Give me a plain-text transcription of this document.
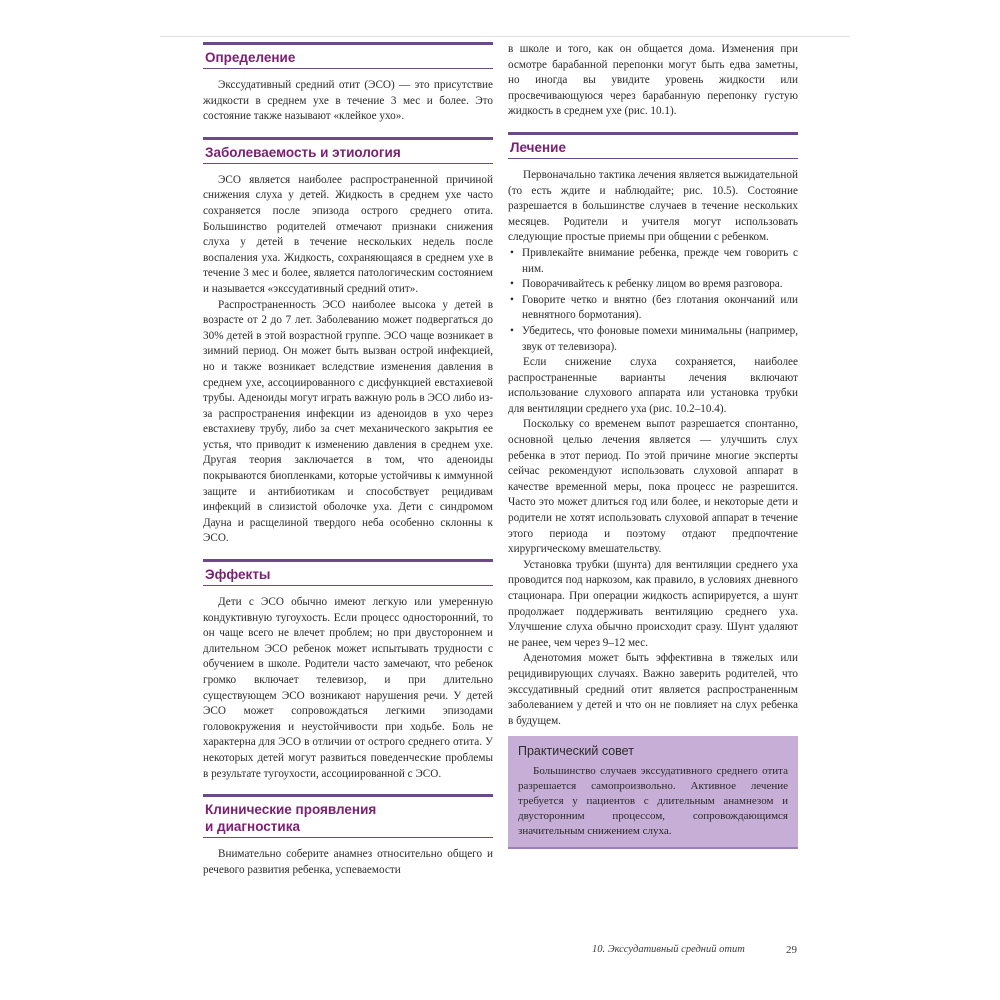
Определение

Экссудативный средний отит (ЭСО) — это присутствие жидкости в среднем ухе в течение 3 мес и более. Это состояние также называют «клейкое ухо».

Заболеваемость и этиология

ЭСО является наиболее распространенной причиной снижения слуха у детей. Жидкость в среднем ухе часто сохраняется после эпизода острого среднего отита. Большинство родителей отмечают признаки снижения слуха у детей в течение нескольких недель после воспаления уха. Жидкость, сохраняющаяся в среднем ухе в течение 3 мес и более, является патологическим состоянием и называется «экссудативный средний отит».

Распространенность ЭСО наиболее высока у детей в возрасте от 2 до 7 лет. Заболеванию может подвергаться до 30% детей в этой возрастной группе. ЭСО чаще возникает в зимний период. Он может быть вызван острой инфекцией, но и также возникает вследствие изменения давления в среднем ухе, ассоциированного с дисфункцией евстахиевой трубы. Аденоиды могут играть важную роль в ЭСО либо из-за распространения инфекции из аденоидов в ухо через евстахиеву трубу, либо за счет механического закрытия ее устья, что приводит к изменению давления в среднем ухе. Другая теория заключается в том, что аденоиды покрываются биопленками, которые устойчивы к иммунной защите и антибиотикам и способствует рецидивам инфекций в слизистой оболочке уха. Дети с синдромом Дауна и расщелиной твердого неба особенно склонны к ЭСО.

Эффекты

Дети с ЭСО обычно имеют легкую или умеренную кондуктивную тугоухость. Если процесс односторонний, то он чаще всего не влечет проблем; но при двустороннем и длительном ЭСО ребенок может испытывать трудности с обучением в школе. Родители часто замечают, что ребенок громко включает телевизор, и при длительно существующем ЭСО возникают нарушения речи. У детей ЭСО может сопровождаться легкими эпизодами головокружения и неустойчивости при ходьбе. Боль не характерна для ЭСО в отличии от острого среднего отита. У некоторых детей могут развиться поведенческие проблемы в результате тугоухости, ассоциированной с ЭСО.

Клинические проявления
и диагностика

Внимательно соберите анамнез относительно общего и речевого развития ребенка, успеваемости

в школе и того, как он общается дома. Изменения при осмотре барабанной перепонки могут быть едва заметны, но иногда вы увидите уровень жидкости или просвечивающуюся через барабанную перепонку густую жидкость в среднем ухе (рис. 10.1).

Лечение

Первоначально тактика лечения является выжидательной (то есть ждите и наблюдайте; рис. 10.5). Состояние разрешается в большинстве случаев в течение нескольких месяцев. Родители и учителя могут использовать следующие простые приемы при общении с ребенком.

• Привлекайте внимание ребенка, прежде чем говорить с ним.
• Поворачивайтесь к ребенку лицом во время разговора.
• Говорите четко и внятно (без глотания окончаний или невнятного бормотания).
• Убедитесь, что фоновые помехи минимальны (например, звук от телевизора).

Если снижение слуха сохраняется, наиболее распространенные варианты лечения включают использование слухового аппарата или установка трубки для вентиляции среднего уха (рис. 10.2–10.4).

Поскольку со временем выпот разрешается спонтанно, основной целью лечения является — улучшить слух ребенка в этот период. По этой причине многие эксперты сейчас рекомендуют использовать слуховой аппарат в качестве временной меры, пока процесс не разрешится. Часто это может длиться год или более, и некоторые дети и родители не хотят использовать слуховой аппарат в течение этого периода и поэтому отдают предпочтение хирургическому вмешательству.

Установка трубки (шунта) для вентиляции среднего уха проводится под наркозом, как правило, в условиях дневного стационара. При операции жидкость аспирируется, а шунт продолжает поддерживать вентиляцию среднего уха. Улучшение слуха обычно происходит сразу. Шунт удаляют не ранее, чем через 9–12 мес.

Аденотомия может быть эффективна в тяжелых или рецидивирующих случаях. Важно заверить родителей, что экссудативный средний отит является распространенным заболеванием у детей и что он не повлияет на слух ребенка в будущем.

Практический совет

Большинство случаев экссудативного среднего отита разрешается самопроизвольно. Активное лечение требуется у пациентов с длительным анамнезом и двусторонним процессом, сопровождающимся значительным снижением слуха.

10. Экссудативный средний отит	29
